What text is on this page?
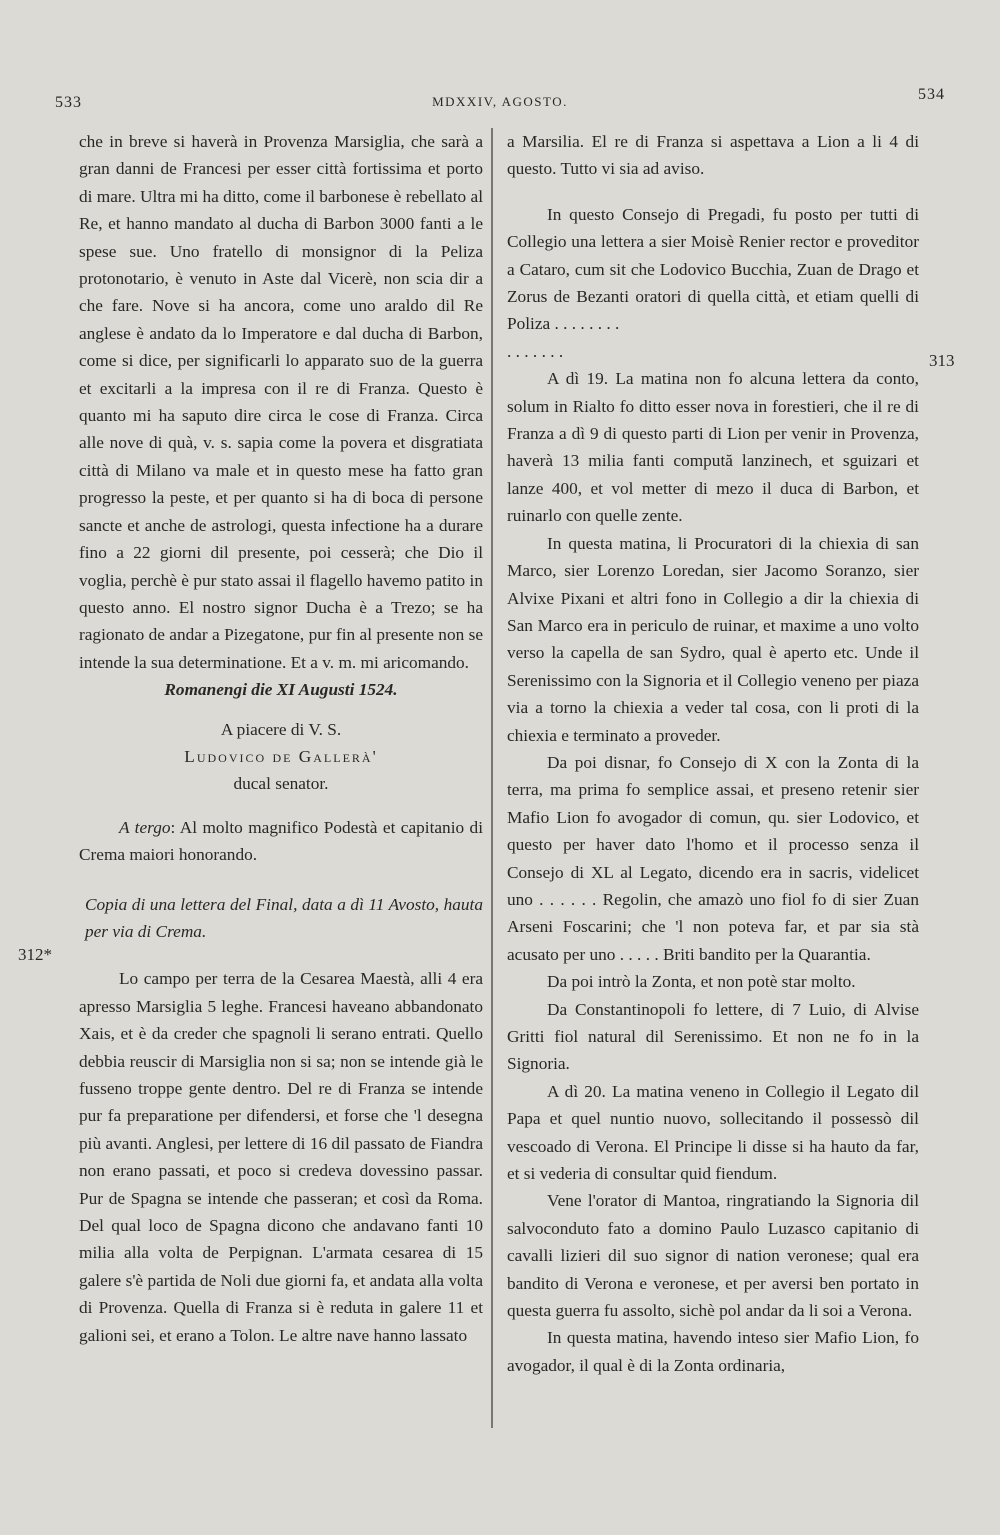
533	MDXXIV, AGOSTO.	534
312*
313

che in breve si haverà in Provenza Marsiglia, che sarà a gran danni de Francesi per esser città fortissima et porto di mare. Ultra mi ha ditto, come il barbonese è rebellato al Re, et hanno mandato al ducha di Barbon 3000 fanti a le spese sue. Uno fratello di monsignor di la Peliza protonotario, è venuto in Aste dal Vicerè, non scia dir a che fare. Nove si ha ancora, come uno araldo dil Re anglese è andato da lo Imperatore e dal ducha di Barbon, come si dice, per significarli lo apparato suo de la guerra et excitarli a la impresa con il re di Franza. Questo è quanto mi ha saputo dire circa le cose di Franza. Circa alle nove di quà, v. s. sapia come la povera et disgratiata città di Milano va male et in questo mese ha fatto gran progresso la peste, et per quanto si ha di boca di persone sancte et anche de astrologi, questa infectione ha a durare fino a 22 giorni dil presente, poi cesserà; che Dio il voglia, perchè è pur stato assai il flagello havemo patito in questo anno. El nostro signor Ducha è a Trezo; se ha ragionato de andar a Pizegatone, pur fin al presente non se intende la sua determinatione. Et a v. m. mi aricomando.

Romanengi die XI Augusti 1524.

A piacere di V. S.

Ludovico de Gallerà'

ducal senator.

A tergo: Al molto magnifico Podestà et capitanio di Crema maiori honorando.

Copia di una lettera del Final, data a dì 11 Avosto, hauta per via di Crema.

Lo campo per terra de la Cesarea Maestà, alli 4 era apresso Marsiglia 5 leghe. Francesi haveano abbandonato Xais, et è da creder che spagnoli li serano entrati. Quello debbia reuscir di Marsiglia non si sa; non se intende già le fusseno troppe gente dentro. Del re di Franza se intende pur fa preparatione per difendersi, et forse che 'l desegna più avanti. Anglesi, per lettere di 16 dil passato de Fiandra non erano passati, et poco si credeva dovessino passar. Pur de Spagna se intende che passeran; et così da Roma. Del qual loco de Spagna dicono che andavano fanti 10 milia alla volta de Perpignan. L'armata cesarea di 15 galere s'è partida de Noli due giorni fa, et andata alla volta di Provenza. Quella di Franza si è reduta in galere 11 et galioni sei, et erano a Tolon. Le altre nave hanno lassato

a Marsilia. El re di Franza si aspettava a Lion a li 4 di questo. Tutto vi sia ad aviso.

In questo Consejo di Pregadi, fu posto per tutti di Collegio una lettera a sier Moisè Renier rector e proveditor a Cataro, cum sit che Lodovico Bucchia, Zuan de Drago et Zorus de Bezanti oratori di quella città, et etiam quelli di Poliza . . . . . . . .

. . . . . . .

A dì 19. La matina non fo alcuna lettera da conto, solum in Rialto fo ditto esser nova in forestieri, che il re di Franza a dì 9 di questo parti di Lion per venir in Provenza, haverà 13 milia fanti compută lanzinech, et sguizari et lanze 400, et vol metter di mezo il duca di Barbon, et ruinarlo con quelle zente.

In questa matina, li Procuratori di la chiexia di san Marco, sier Lorenzo Loredan, sier Jacomo Soranzo, sier Alvixe Pixani et altri fono in Collegio a dir la chiexia di San Marco era in periculo de ruinar, et maxime a uno volto verso la capella de san Sydro, qual è aperto etc. Unde il Serenissimo con la Signoria et il Collegio veneno per piaza via a torno la chiexia a veder tal cosa, con li proti di la chiexia e terminato a proveder.

Da poi disnar, fo Consejo di X con la Zonta di la terra, ma prima fo semplice assai, et preseno retenir sier Mafio Lion fo avogador di comun, qu. sier Lodovico, et questo per haver dato l'homo et il processo senza il Consejo di XL al Legato, dicendo era in sacris, videlicet uno . . . . . . Regolin, che amazò uno fiol fo di sier Zuan Arseni Foscarini; che 'l non poteva far, et par sia stà acusato per uno . . . . . Briti bandito per la Quarantia.

Da poi intrò la Zonta, et non potè star molto.

Da Constantinopoli fo lettere, di 7 Luio, di Alvise Gritti fiol natural dil Serenissimo. Et non ne fo in la Signoria.

A dì 20. La matina veneno in Collegio il Legato dil Papa et quel nuntio nuovo, sollecitando il possessò dil vescoado di Verona. El Principe li disse si ha hauto da far, et si vederia di consultar quid fiendum.

Vene l'orator di Mantoa, ringratiando la Signoria dil salvoconduto fato a domino Paulo Luzasco capitanio di cavalli lizieri dil suo signor di nation veronese; qual era bandito di Verona e veronese, et per aversi ben portato in questa guerra fu assolto, sichè pol andar da li soi a Verona.

In questa matina, havendo inteso sier Mafio Lion, fo avogador, il qual è di la Zonta ordinaria,
